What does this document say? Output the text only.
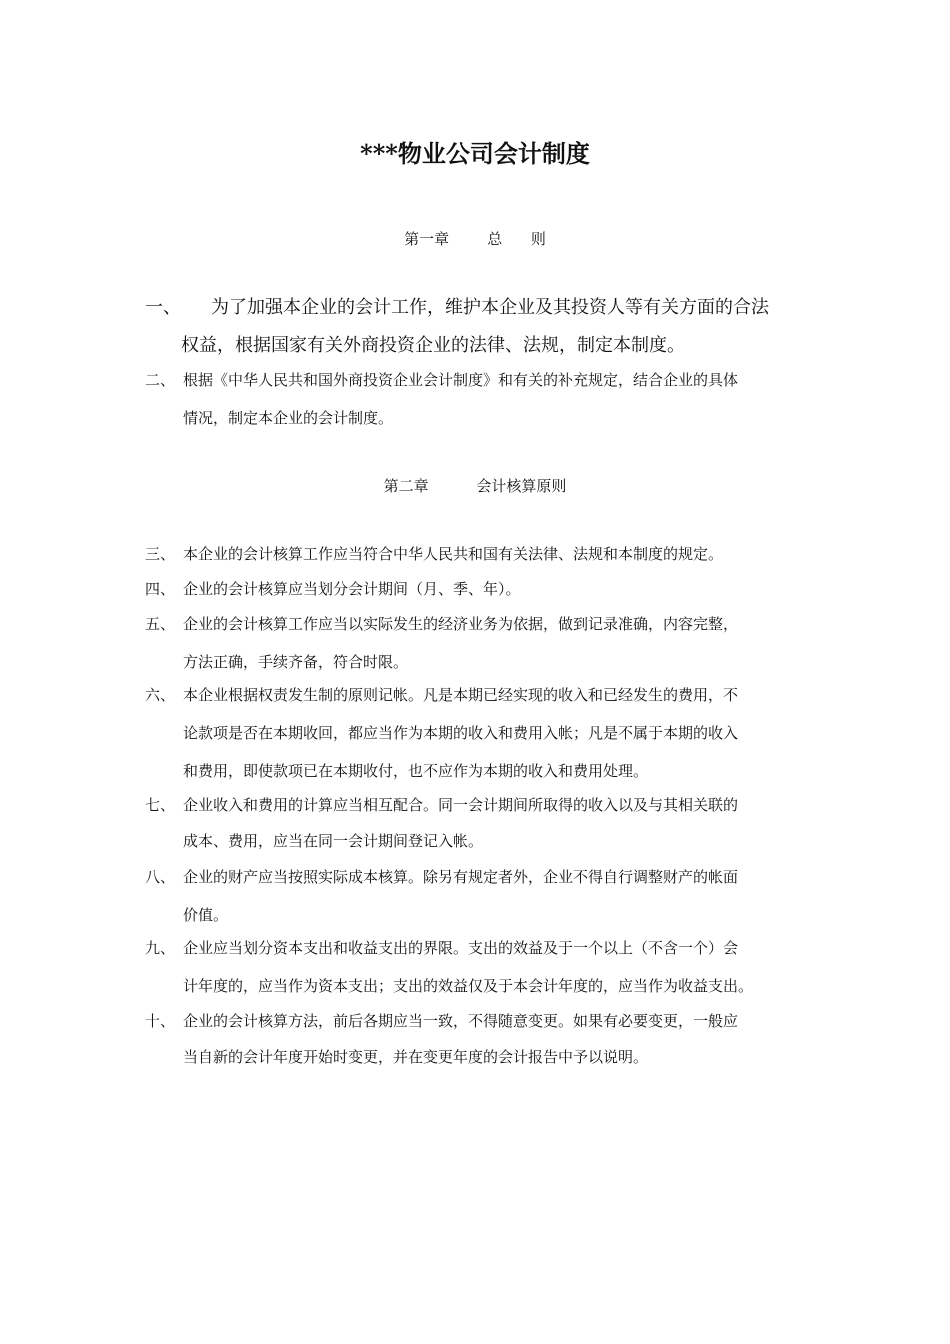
***物业公司会计制度
第一章        总      则
一、 为了加强本企业的会计工作，维护本企业及其投资人等有关方面的合法
权益，根据国家有关外商投资企业的法律、法规，制定本制度。
二、 根据《中华人民共和国外商投资企业会计制度》和有关的补充规定，结合企业的具体
情况，制定本企业的会计制度。
第二章          会计核算原则
三、 本企业的会计核算工作应当符合中华人民共和国有关法律、法规和本制度的规定。
四、 企业的会计核算应当划分会计期间（月、季、年）。
五、 企业的会计核算工作应当以实际发生的经济业务为依据，做到记录准确，内容完整，
方法正确，手续齐备，符合时限。
六、 本企业根据权责发生制的原则记帐。凡是本期已经实现的收入和已经发生的费用，不
论款项是否在本期收回，都应当作为本期的收入和费用入帐；凡是不属于本期的收入
和费用，即使款项已在本期收付，也不应作为本期的收入和费用处理。
七、 企业收入和费用的计算应当相互配合。同一会计期间所取得的收入以及与其相关联的
成本、费用，应当在同一会计期间登记入帐。
八、 企业的财产应当按照实际成本核算。除另有规定者外，企业不得自行调整财产的帐面
价值。
九、 企业应当划分资本支出和收益支出的界限。支出的效益及于一个以上（不含一个）会
计年度的，应当作为资本支出；支出的效益仅及于本会计年度的，应当作为收益支出。
十、 企业的会计核算方法，前后各期应当一致，不得随意变更。如果有必要变更，一般应
当自新的会计年度开始时变更，并在变更年度的会计报告中予以说明。
